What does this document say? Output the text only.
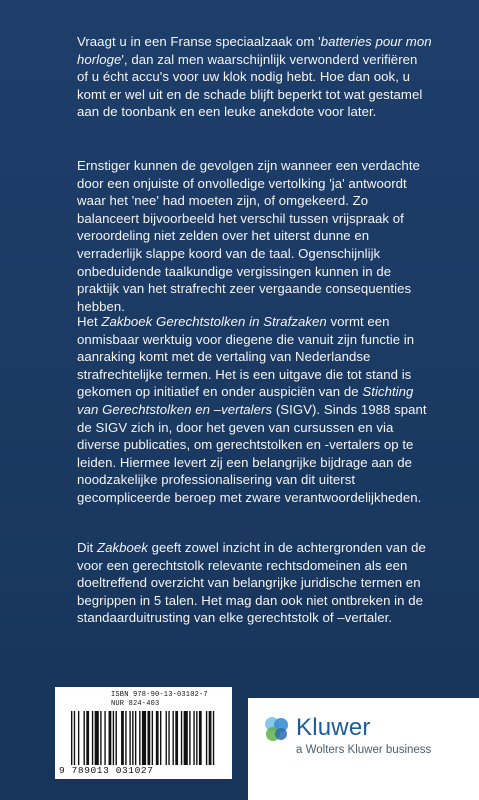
Vraagt u in een Franse speciaalzaak om 'batteries pour mon horloge', dan zal men waarschijnlijk verwonderd verifiëren of u écht accu's voor uw klok nodig hebt. Hoe dan ook, u komt er wel uit en de schade blijft beperkt tot wat gestamel aan de toonbank en een leuke anekdote voor later.
Ernstiger kunnen de gevolgen zijn wanneer een verdachte door een onjuiste of onvolledige vertolking 'ja' antwoordt waar het 'nee' had moeten zijn, of omgekeerd. Zo balanceert bijvoorbeeld het verschil tussen vrijspraak of veroordeling niet zelden over het uiterst dunne en verraderlijk slappe koord van de taal. Ogenschijnlijk onbeduidende taalkundige vergissingen kunnen in de praktijk van het strafrecht zeer vergaande consequenties hebben.
Het Zakboek Gerechtstolken in Strafzaken vormt een onmisbaar werktuig voor diegene die vanuit zijn functie in aanraking komt met de vertaling van Nederlandse strafrechtelijke termen. Het is een uitgave die tot stand is gekomen op initiatief en onder auspiciën van de Stichting van Gerechtstolken en –vertalers (SIGV). Sinds 1988 spant de SIGV zich in, door het geven van cursussen en via diverse publicaties, om gerechtstolken en -vertalers op te leiden. Hiermee levert zij een belangrijke bijdrage aan de noodzakelijke professionalisering van dit uiterst gecompliceerde beroep met zware verantwoordelijkheden.
Dit Zakboek geeft zowel inzicht in de achtergronden van de voor een gerechtstolk relevante rechtsdomeinen als een doeltreffend overzicht van belangrijke juridische termen en begrippen in 5 talen. Het mag dan ook niet ontbreken in de standaarduitrusting van elke gerechtstolk of –vertaler.
ISBN 978-90-13-03102-7
NUR 824-403
9 789013 031027
Kluwer
a Wolters Kluwer business
